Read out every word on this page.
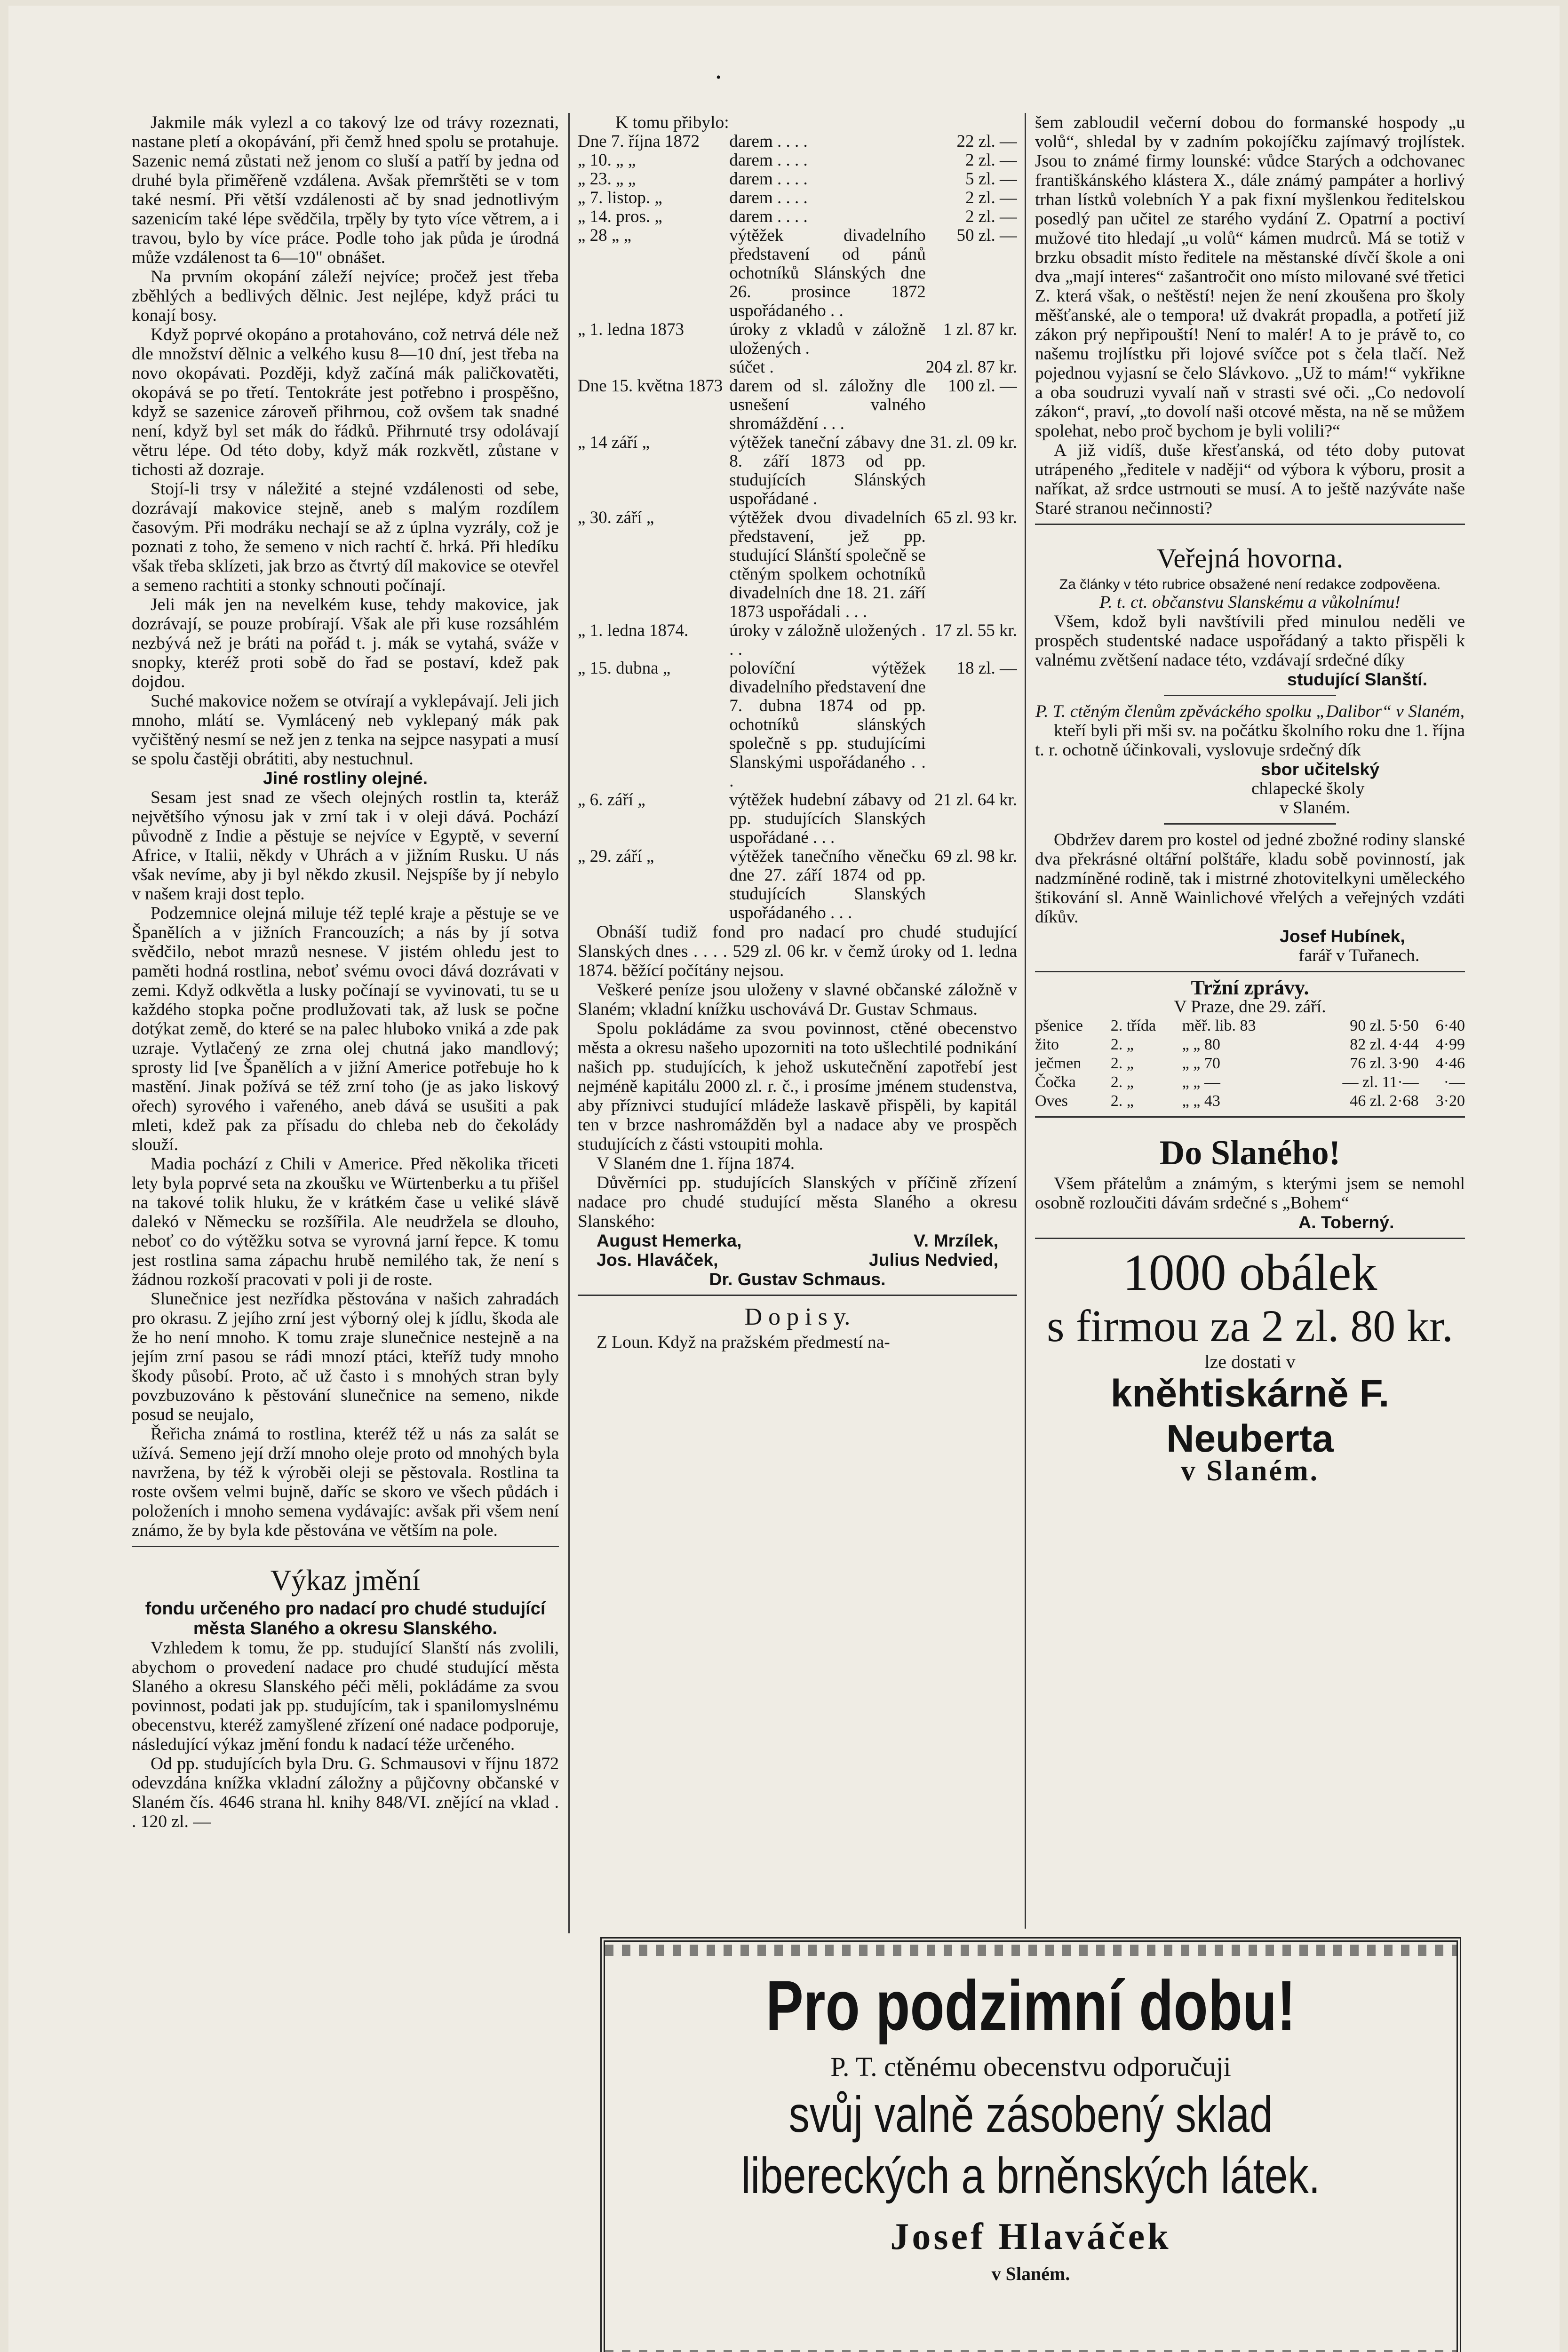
•

Jakmile mák vylezl a co takový lze od trávy rozeznati, nastane pletí a okopávání, při čemž hned spolu se protahuje. Sazenic nemá zůstati než jenom co sluší a patří by jedna od druhé byla přiměřeně vzdálena. Avšak přemrštěti se v tom také nesmí. Při větší vzdálenosti ač by snad jednotlivým sazenicím také lépe svědčila, trpěly by tyto více větrem, a i travou, bylo by více práce. Podle toho jak půda je úrodná může vzdálenost ta 6—10" obnášet.

Na prvním okopání záleží nejvíce; pročež jest třeba zběhlých a bedlivých dělnic. Jest nejlépe, když práci tu konají bosy.

Když poprvé okopáno a protahováno, což netrvá déle než dle množství dělnic a velkého kusu 8—10 dní, jest třeba na novo okopávati. Později, když začíná mák paličkovatěti, okopává se po třetí. Tentokráte jest potřebno i prospěšno, když se sazenice zároveň přihrnou, což ovšem tak snadné není, když byl set mák do řádků. Přihrnuté trsy odolávají větru lépe. Od této doby, když mák rozkvětl, zůstane v tichosti až dozraje.

Stojí-li trsy v náležité a stejné vzdálenosti od sebe, dozrávají makovice stejně, aneb s malým rozdílem časovým. Při modráku nechají se až z úplna vyzrály, což je poznati z toho, že semeno v nich rachtí č. hrká. Při hledíku však třeba sklízeti, jak brzo as čtvrtý díl makovice se otevřel a semeno rachtiti a stonky schnouti počínají.

Jeli mák jen na nevelkém kuse, tehdy makovice, jak dozrávají, se pouze probírají. Však ale při kuse rozsáhlém nezbývá než je bráti na pořád t. j. mák se vytahá, sváže v snopky, kteréž proti sobě do řad se postaví, kdež pak dojdou.

Suché makovice nožem se otvírají a vyklepávají. Jeli jich mnoho, mlátí se. Vymlácený neb vyklepaný mák pak vyčištěný nesmí se než jen z tenka na sejpce nasypati a musí se spolu častěji obrátiti, aby nestuchnul.

Jiné rostliny olejné.

Sesam jest snad ze všech olejných rostlin ta, kteráž největšího výnosu jak v zrní tak i v oleji dává. Pochází původně z Indie a pěstuje se nejvíce v Egyptě, v severní Africe, v Italii, někdy v Uhrách a v jižním Rusku. U nás však nevíme, aby ji byl někdo zkusil. Nejspíše by jí nebylo v našem kraji dost teplo.

Podzemnice olejná miluje též teplé kraje a pěstuje se ve Španělích a v jižních Francouzích; a nás by jí sotva svědčilo, nebot mrazů nesnese. V jistém ohledu jest to paměti hodná rostlina, neboť svému ovoci dává dozrávati v zemi. Když odkvětla a lusky počínají se vyvinovati, tu se u každého stopka počne prodlužovati tak, až lusk se počne dotýkat země, do které se na palec hluboko vniká a zde pak uzraje. Vytlačený ze zrna olej chutná jako mandlový; sprosty lid [ve Španělích a v jižní Americe potřebuje ho k mastění. Jinak požívá se též zrní toho (je as jako liskový ořech) syrového i vařeného, aneb dává se usušiti a pak mleti, kdež pak za přísadu do chleba neb do čekolády slouží.

Madia pochází z Chili v Americe. Před několika třiceti lety byla poprvé seta na zkoušku ve Würtenberku a tu přišel na takové tolik hluku, že v krátkém čase u veliké slávě dalekó v Německu se rozšířila. Ale neudržela se dlouho, neboť co do výtěžku sotva se vyrovná jarní řepce. K tomu jest rostlina sama zápachu hrubě nemilého tak, že není s žádnou rozkoší pracovati v poli ji de roste.

Slunečnice jest nezřídka pěstována v našich zahradách pro okrasu. Z jejího zrní jest výborný olej k jídlu, škoda ale že ho není mnoho. K tomu zraje slunečnice nestejně a na jejím zrní pasou se rádi mnozí ptáci, kteříž tudy mnoho škody působí. Proto, ač už často i s mnohých stran byly povzbuzováno k pěstování slunečnice na semeno, nikde posud se neujalo,

Řeřicha známá to rostlina, kteréž též u nás za salát se užívá. Semeno její drží mnoho oleje proto od mnohých byla navržena, by též k výroběi oleji se pěstovala. Rostlina ta roste ovšem velmi bujně, daříc se skoro ve všech půdách i položeních i mnoho semena vydávajíc: avšak při všem není známo, že by byla kde pěstována ve větším na pole.

Výkaz jmění
fondu určeného pro nadací pro chudé studující města Slaného a okresu Slanského.

Vzhledem k tomu, že pp. studující Slanští nás zvolili, abychom o provedení nadace pro chudé studující města Slaného a okresu Slanského péči měli, pokládáme za svou povinnost, podati jak pp. studujícím, tak i spanilomyslnému obecenstvu, kteréž zamyšlené zřízení oné nadace podporuje, následující výkaz jmění fondu k nadací téže určeného.

Od pp. studujících byla Dru. G. Schmausovi v říjnu 1872 odevzdána knížka vkladní záložny a půjčovny občanské v Slaném čís. 4646 strana hl. knihy 848/VI. znějící na vklad . . 120 zl. —

K tomu přibylo:
Dne 7. října 1872	darem . . . .	22 zl. —
„ 10. „ „	darem . . . .	2 zl. —
„ 23. „ „	darem . . . .	5 zl. —
„ 7. listop. „	darem . . . .	2 zl. —
„ 14. pros. „	darem . . . .	2 zl. —
„ 28 „ „	výtěžek divadelního představení od pánů ochotníků Slánských dne 26. prosince 1872 uspořádaného . .	50 zl. —
„ 1. ledna 1873	úroky z vkladů v záložně uložených .	1 zl. 87 kr.
	súčet .	204 zl. 87 kr.
Dne 15. května 1873	darem od sl. záložny dle usnešení valného shromáždění . . .	100 zl. —
„ 14 září „	výtěžek taneční zábavy dne 8. září 1873 od pp. studujících Slánských uspořádané .	31. zl. 09 kr.
„ 30. září „	výtěžek dvou divadelních představení, jež pp. studující Slánští společně se ctěným spolkem ochotníků divadelních dne 18. 21. září 1873 uspořádali . . .	65 zl. 93 kr.
„ 1. ledna 1874.	úroky v záložně uložených . . .	17 zl. 55 kr.
„ 15. dubna „	polovíční výtěžek divadelního představení dne 7. dubna 1874 od pp. ochotníků slánských společně s pp. studujícími Slanskými uspořádaného . . .	18 zl. —
„ 6. září „	výtěžek hudební zábavy od pp. studujících Slanských uspořádané . . .	21 zl. 64 kr.
„ 29. září „	výtěžek tanečního věnečku dne 27. září 1874 od pp. studujících Slanských uspořádaného . . .	69 zl. 98 kr.

Obnáší tudiž fond pro nadací pro chudé studující Slanských dnes . . . . 529 zl. 06 kr. v čemž úroky od 1. ledna 1874. běžící počítány nejsou.

Veškeré peníze jsou uloženy v slavné občanské záložně v Slaném; vkladní knížku uschovává Dr. Gustav Schmaus.

Spolu pokládáme za svou povinnost, ctěné obecenstvo města a okresu našeho upozorniti na toto ušlechtilé podnikání našich pp. studujících, k jehož uskutečnění zapotřebí jest nejméně kapitálu 2000 zl. r. č., i prosíme jménem studenstva, aby příznivci studující mládeže laskavě přispěli, by kapitál ten v brzce nashromážděn byl a nadace aby ve prospěch studujících z části vstoupiti mohla.

V Slaném dne 1. října 1874.

Důvěrníci pp. studujících Slanských v příčině zřízení nadace pro chudé studující města Slaného a okresu Slanského:

August Hemerka,	V. Mrzílek,
Jos. Hlaváček,	Julius Nedvied,
Dr. Gustav Schmaus.
D o p i s y.

Z Loun. Když na pražském předmestí na-

šem zabloudil večerní dobou do formanské hospody „u volů“, shledal by v zadním pokojíčku zajímavý trojlístek. Jsou to známé firmy lounské: vůdce Starých a odchovanec františkánského klástera X., dále známý pampáter a horlivý trhan lístků volebních Y a pak fixní myšlenkou ředitelskou posedlý pan učitel ze starého vydání Z. Opatrní a poctiví mužové tito hledají „u volů“ kámen mudrců. Má se totiž v brzku obsadit místo ředitele na městanské dívčí škole a oni dva „mají interes“ zašantročit ono místo milované své třetici Z. která však, o neštěstí! nejen že není zkoušena pro školy měšťanské, ale o tempora! už dvakrát propadla, a potřetí již zákon prý nepřipouští! Není to malér! A to je právě to, co našemu trojlístku při lojové svíčce pot s čela tlačí. Než pojednou vyjasní se čelo Slávkovo. „Už to mám!“ vykřikne a oba soudruzi vyvalí naň v strasti své oči. „Co nedovolí zákon“, praví, „to dovolí naši otcové města, na ně se můžem spolehat, nebo proč bychom je byli volili?“

A již vidíš, duše křesťanská, od této doby putovat utrápeného „ředitele v naději“ od výbora k výboru, prosit a naříkat, až srdce ustrnouti se musí. A to ještě nazýváte naše Staré stranou nečinnosti?

Veřejná hovorna.
Za články v této rubrice obsažené není redakce zodpověena.
P. t. ct. občanstvu Slanskému a vůkolnímu!

Všem, kdož byli navštívili před minulou neděli ve prospěch studentské nadace uspořádaný a takto přispěli k valnému zvětšení nadace této, vzdávají srdečné díky

studující Slanští.
P. T. ctěným členům zpěváckého spolku „Dalibor“ v Slaném,

kteří byli při mši sv. na počátku školního roku dne 1. října t. r. ochotně účinkovali, vyslovuje srdečný dík

sbor učitelský
chlapecké školy
v Slaném.

Obdržev darem pro kostel od jedné zbožné rodiny slanské dva překrásné oltářní polštáře, kladu sobě povinností, jak nadzmíněné rodině, tak i mistrné zhotovitelkyni uměleckého štikování sl. Anně Wainlichové vřelých a veřejných vzdáti díkův.

Josef Hubínek,
farář v Tuřanech.
Tržní zprávy.
V Praze, dne 29. září.
pšenice	2. třída	měř. lib. 83	90 zl. 5·50	6·40
žito	2. „	„ „ 80	82 zl. 4·44	4·99
ječmen	2. „	„ „ 70	76 zl. 3·90	4·46
Čočka	2. „	„ „ —	— zl. 11·—	·—
Oves	2. „	„ „ 43	46 zl. 2·68	3·20
Do Slaného!

Všem přátelům a známým, s kterými jsem se nemohl osobně rozloučiti dávám srdečné s „Bohem“

A. Toberný.
1000 obálek
s firmou za 2 zl. 80 kr.
lze dostati v
kněhtiskárně F. Neuberta
v Slaném.
Pro podzimní dobu!
P. T. ctěnému obecenstvu odporučuji
svůj valně zásobený sklad
libereckých a brněnských látek.
Josef Hlaváček
v Slaném.
